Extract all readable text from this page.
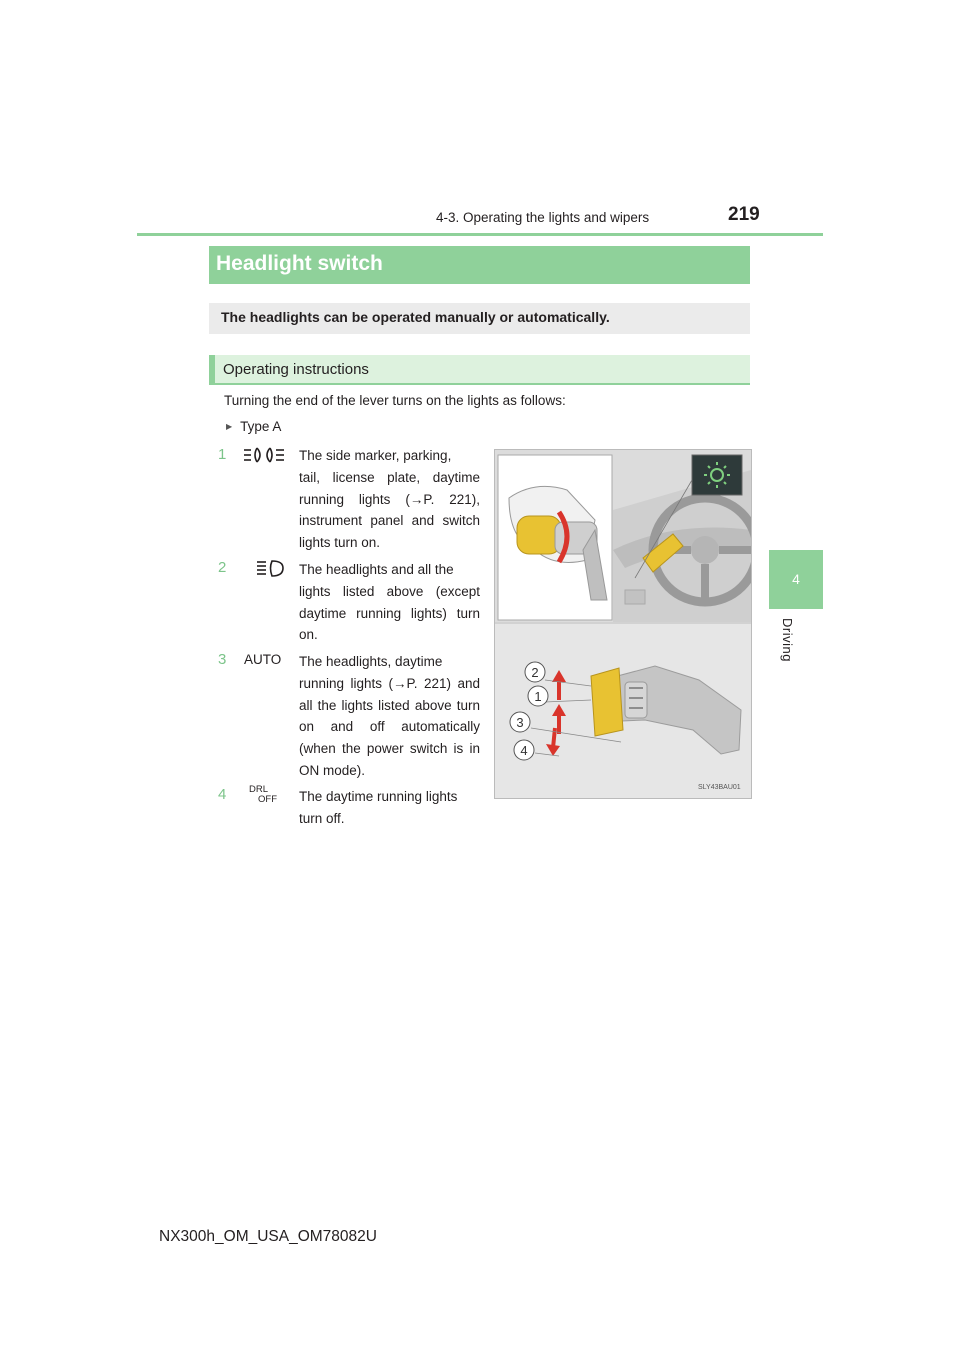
4-3. Operating the lights and wipers	219
4
Driving
Headlight switch
The headlights can be operated manually or automatically.
Operating instructions
Turning the end of the lever turns on the lights as follows:
▶ Type A
1	The side marker, parking,
tail, license plate, daytime running lights (→P. 221), instrument panel and switch lights turn on.
2	The headlights and all the
lights listed above (except daytime running lights) turn on.
3 AUTO The headlights, daytime
running lights (→P. 221) and all the lights listed above turn on and off automatically (when the power switch is in ON mode).
4 DRL
OFF The daytime running lights
turn off.
2
1
3
4
SLY43BAU01
NX300h_OM_USA_OM78082U
